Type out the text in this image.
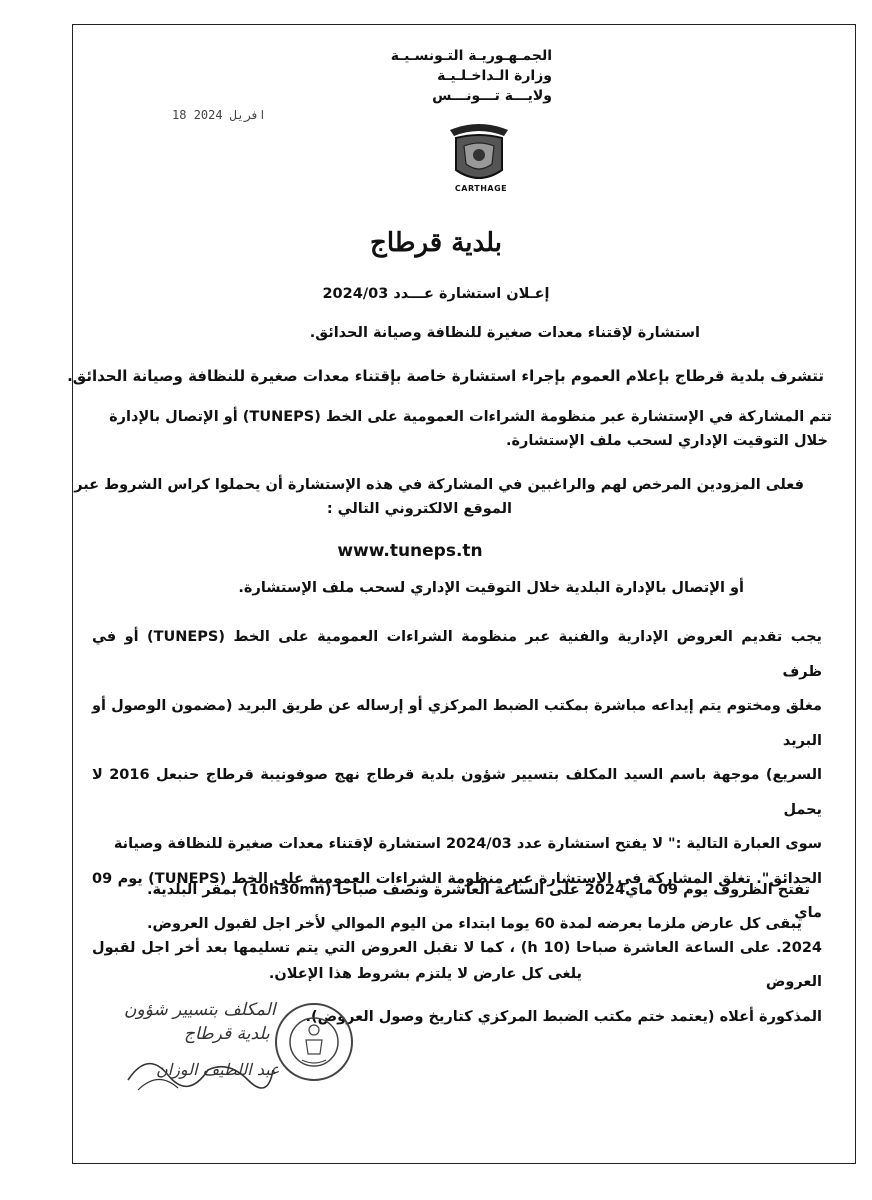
الجمـهـوريـة التـونسـيـة
وزارة الـداخـلـيـة
ولايـــة تـــونـــس
18 افريل 2024
CARTHAGE
بلدية قرطاج
إعـلان استشارة عـــدد 2024/03
استشارة لإقتناء معدات صغيرة للنظافة وصيانة الحدائق.
تتشرف بلدية قرطاج بإعلام العموم بإجراء استشارة خاصة بإقتناء معدات صغيرة للنظافة وصيانة الحدائق.
تتم المشاركة في الإستشارة عبر منظومة الشراءات العمومية على الخط (TUNEPS) أو الإتصال بالإدارة
خلال التوقيت الإداري لسحب ملف الإستشارة.
فعلى المزودين المرخص لهم والراغبين في المشاركة في هذه الإستشارة أن يحملوا كراس الشروط عبر
الموقع الالكتروني التالي :
www.tuneps.tn
أو الإتصال بالإدارة البلدية خلال التوقيت الإداري لسحب ملف الإستشارة.
يجب تقديم العروض الإدارية والفنية عبر منظومة الشراءات العمومية على الخط (TUNEPS) أو في ظرف
مغلق ومختوم يتم إيداعه مباشرة بمكتب الضبط المركزي أو إرساله عن طريق البريد (مضمون الوصول أو البريد
السريع) موجهة باسم السيد المكلف بتسيير شؤون بلدية قرطاج نهج صوفونيبة قرطاج حنبعل 2016 لا يحمل
سوى العبارة التالية :" لا يفتح استشارة عدد 2024/03 استشارة لإقتناء معدات صغيرة للنظافة وصيانة
الحدائق". تغلق المشاركة في الإستشارة عبر منظومة الشراءات العمومية على الخط (TUNEPS) يوم 09 ماي
2024. على الساعة العاشرة صباحا (10 h) ، كما لا تقبل العروض التي يتم تسليمها بعد أخر اجل لقبول العروض
المذكورة أعلاه (يعتمد ختم مكتب الضبط المركزي كتاريخ وصول العروض).
تفتح الظروف يوم 09 ماي2024 على الساعة العاشرة ونصف صباحا (10h30mn) بمقر البلدية.
يبقى كل عارض ملزما بعرضه لمدة 60 يوما ابتداء من اليوم الموالي لأخر اجل لقبول العروض.
يلغى كل عارض لا يلتزم بشروط هذا الإعلان.
المكلف بتسيير شؤون
بلدية قرطاج
عبد اللطيف الوزان
